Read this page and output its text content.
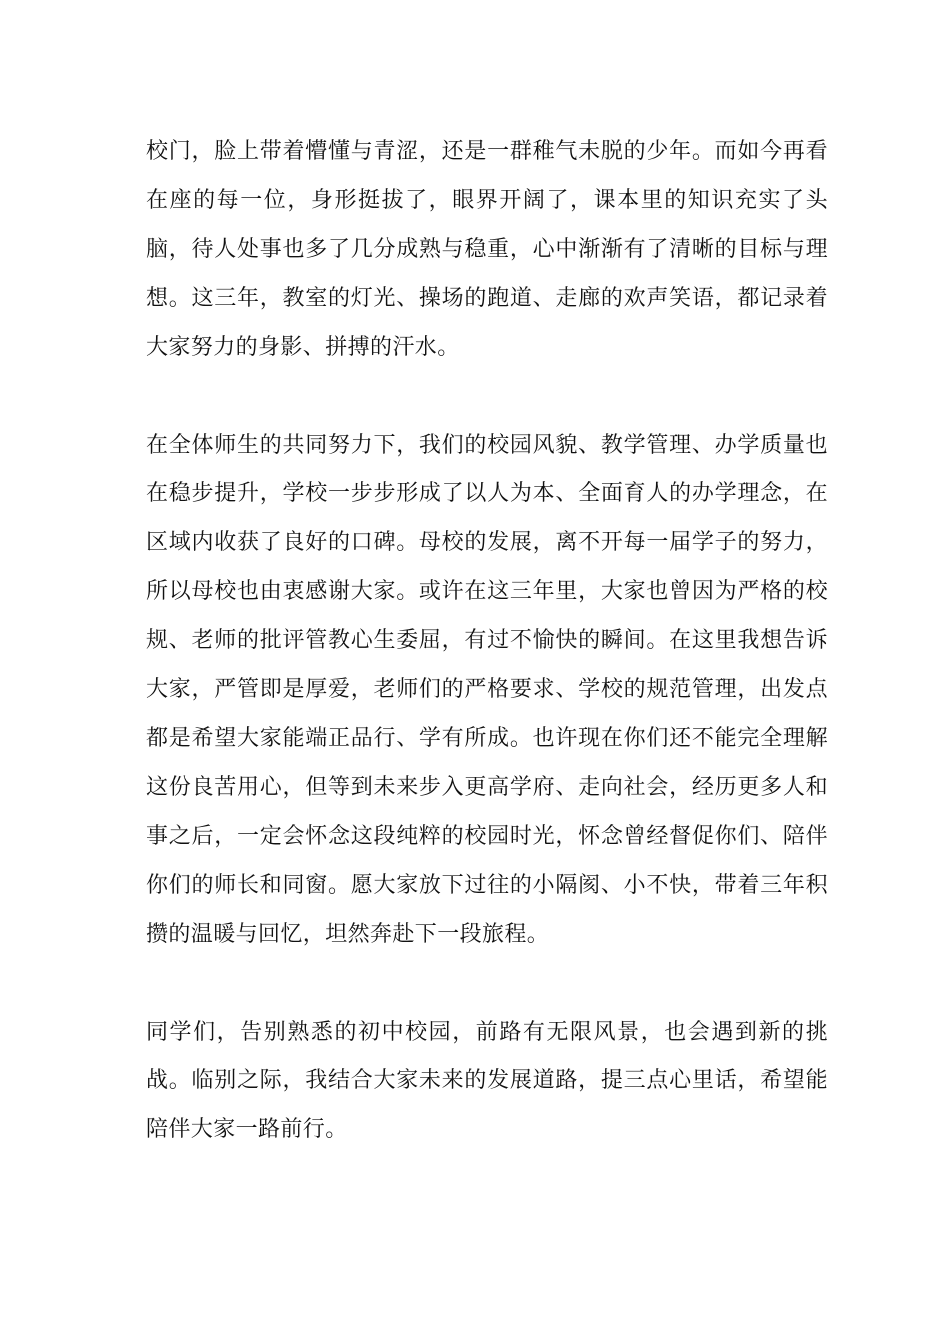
校门，脸上带着懵懂与青涩，还是一群稚气未脱的少年。而如今再看在座的每一位，身形挺拔了，眼界开阔了，课本里的知识充实了头脑，待人处事也多了几分成熟与稳重，心中渐渐有了清晰的目标与理想。这三年，教室的灯光、操场的跑道、走廊的欢声笑语，都记录着大家努力的身影、拼搏的汗水。

在全体师生的共同努力下，我们的校园风貌、教学管理、办学质量也在稳步提升，学校一步步形成了以人为本、全面育人的办学理念，在区域内收获了良好的口碑。母校的发展，离不开每一届学子的努力，所以母校也由衷感谢大家。或许在这三年里，大家也曾因为严格的校规、老师的批评管教心生委屈，有过不愉快的瞬间。在这里我想告诉大家，严管即是厚爱，老师们的严格要求、学校的规范管理，出发点都是希望大家能端正品行、学有所成。也许现在你们还不能完全理解这份良苦用心，但等到未来步入更高学府、走向社会，经历更多人和事之后，一定会怀念这段纯粹的校园时光，怀念曾经督促你们、陪伴你们的师长和同窗。愿大家放下过往的小隔阂、小不快，带着三年积攒的温暖与回忆，坦然奔赴下一段旅程。

同学们，告别熟悉的初中校园，前路有无限风景，也会遇到新的挑战。临别之际，我结合大家未来的发展道路，提三点心里话，希望能陪伴大家一路前行。
